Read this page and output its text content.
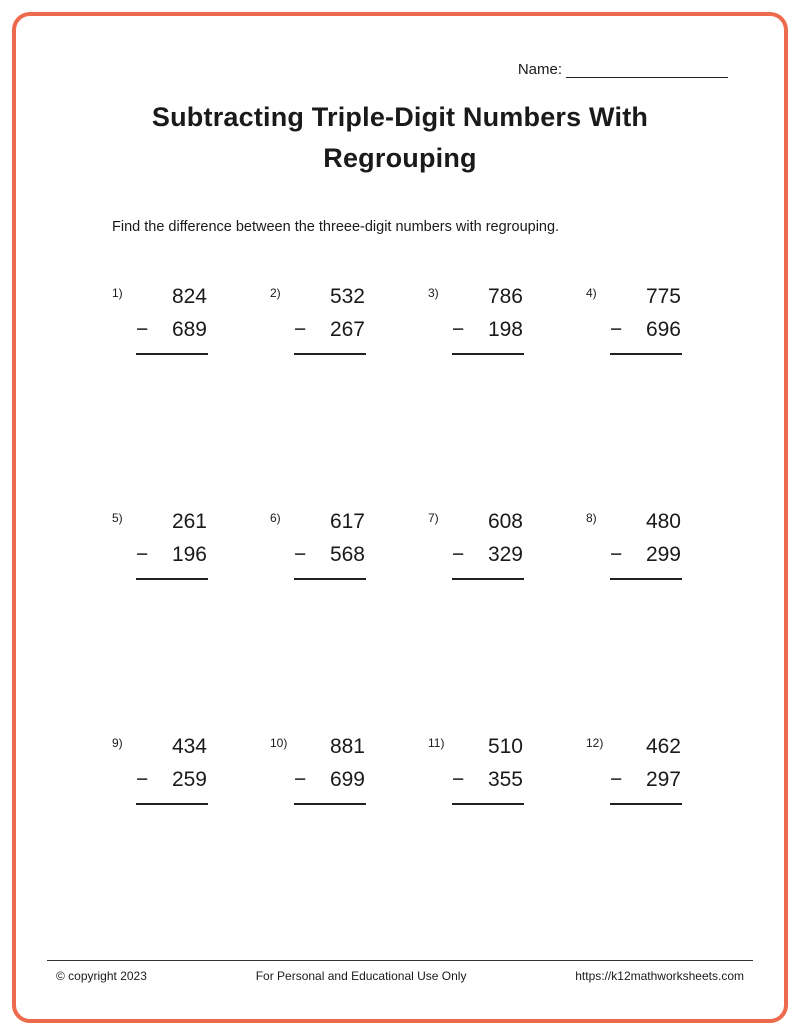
Name:
Subtracting Triple-Digit Numbers With
Regrouping
Find the difference between the threee-digit numbers with regrouping.
1)	824
− 689
2)	532
− 267
3)	786
− 198
4)	775
− 696
5)	261
− 196
6)	617
− 568
7)	608
− 329
8)	480
− 299
9)	434
− 259
10)	881
− 699
11)	510
− 355
12)	462
− 297
© copyright 2023	For Personal and Educational Use Only	https://k12mathworksheets.com
